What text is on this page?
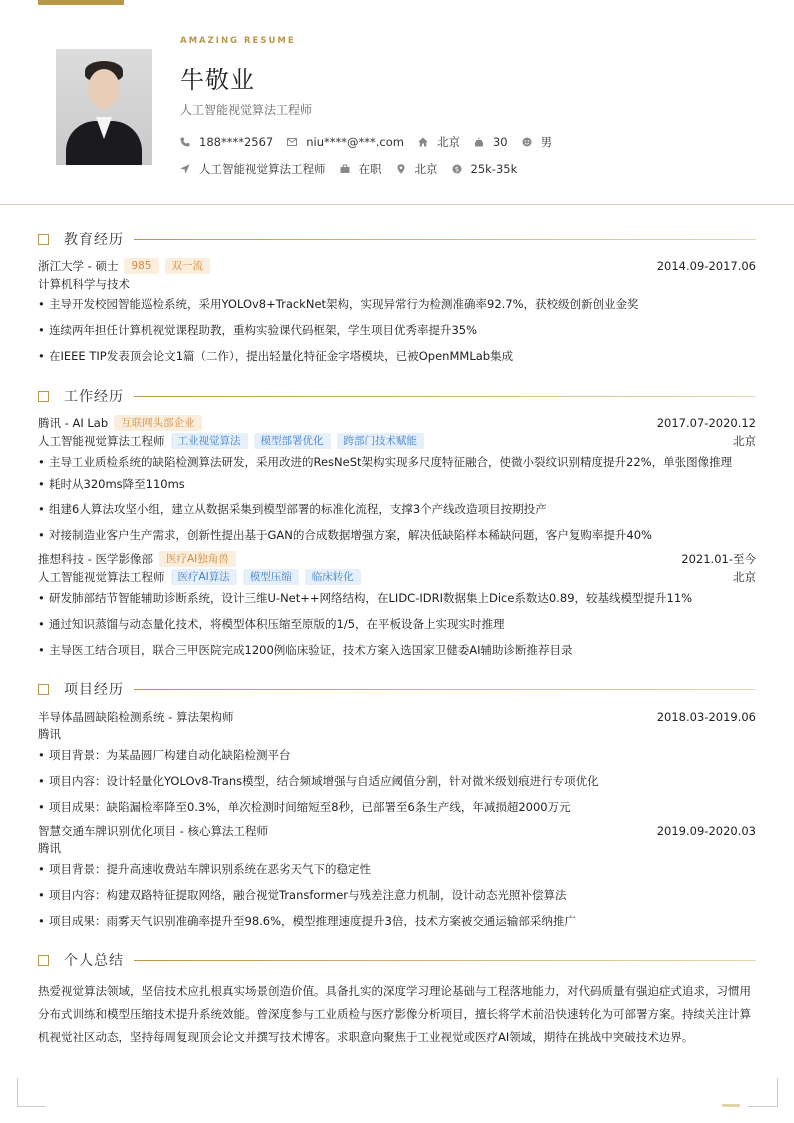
AMAZING RESUME
牛敬业
人工智能视觉算法工程师
188****2567	niu****@***.com	北京	30	男
人工智能视觉算法工程师	在职	北京 $ 25k-35k
教育经历
浙江大学 - 硕士	985	双一流	2014.09-2017.06
计算机科学与技术
• 主导开发校园智能巡检系统，采用YOLOv8+TrackNet架构，实现异常行为检测准确率92.7%，获校级创新创业金奖
• 连续两年担任计算机视觉课程助教，重构实验课代码框架，学生项目优秀率提升35%
• 在IEEE TIP发表顶会论文1篇（二作），提出轻量化特征金字塔模块，已被OpenMMLab集成
工作经历
腾讯 - AI Lab	互联网头部企业	2017.07-2020.12
人工智能视觉算法工程师	工业视觉算法	模型部署优化	跨部门技术赋能	北京
• 主导工业质检系统的缺陷检测算法研发，采用改进的ResNeSt架构实现多尺度特征融合，使微小裂纹识别精度提升22%，单张图像推理
• 耗时从320ms降至110ms
• 组建6人算法攻坚小组，建立从数据采集到模型部署的标准化流程，支撑3个产线改造项目按期投产
• 对接制造业客户生产需求，创新性提出基于GAN的合成数据增强方案，解决低缺陷样本稀缺问题，客户复购率提升40%
推想科技 - 医学影像部	医疗AI独角兽	2021.01-至今
人工智能视觉算法工程师	医疗AI算法	模型压缩	临床转化	北京
• 研发肺部结节智能辅助诊断系统，设计三维U-Net++网络结构，在LIDC-IDRI数据集上Dice系数达0.89，较基线模型提升11%
• 通过知识蒸馏与动态量化技术，将模型体积压缩至原版的1/5，在平板设备上实现实时推理
• 主导医工结合项目，联合三甲医院完成1200例临床验证，技术方案入选国家卫健委AI辅助诊断推荐目录
项目经历
半导体晶圆缺陷检测系统 - 算法架构师	2018.03-2019.06
腾讯
• 项目背景：为某晶圆厂构建自动化缺陷检测平台
• 项目内容：设计轻量化YOLOv8-Trans模型，结合频域增强与自适应阈值分割，针对微米级划痕进行专项优化
• 项目成果：缺陷漏检率降至0.3%，单次检测时间缩短至8秒，已部署至6条生产线，年减损超2000万元
智慧交通车牌识别优化项目 - 核心算法工程师	2019.09-2020.03
腾讯
• 项目背景：提升高速收费站车牌识别系统在恶劣天气下的稳定性
• 项目内容：构建双路特征提取网络，融合视觉Transformer与残差注意力机制，设计动态光照补偿算法
• 项目成果：雨雾天气识别准确率提升至98.6%，模型推理速度提升3倍，技术方案被交通运输部采纳推广
个人总结
热爱视觉算法领域，坚信技术应扎根真实场景创造价值。具备扎实的深度学习理论基础与工程落地能力，对代码质量有强迫症式追求，习惯用分布式训练和模型压缩技术提升系统效能。曾深度参与工业质检与医疗影像分析项目，擅长将学术前沿快速转化为可部署方案。持续关注计算机视觉社区动态，坚持每周复现顶会论文并撰写技术博客。求职意向聚焦于工业视觉或医疗AI领域，期待在挑战中突破技术边界。
